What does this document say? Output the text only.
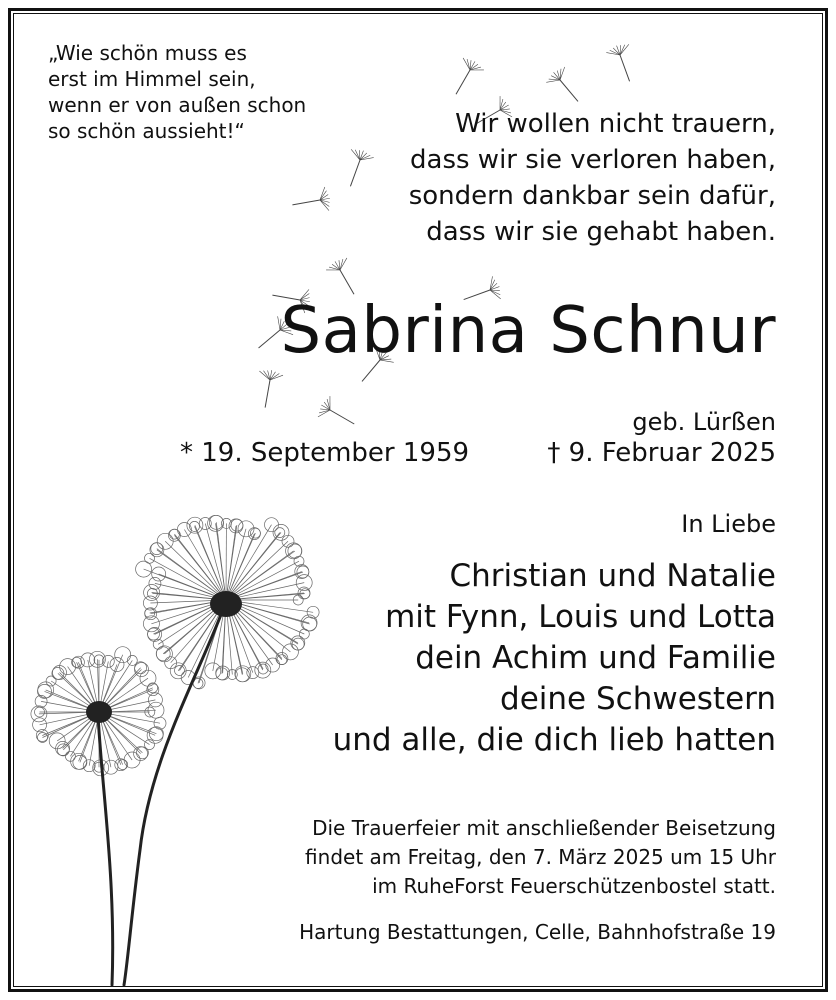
„Wie schön muss es
erst im Himmel sein,
wenn er von außen schon
so schön aussieht!“	Wir wollen nicht trauern,
dass wir sie verloren haben,
sondern dankbar sein dafür,
dass wir sie gehabt haben.
Sabrina Schnur
geb. Lürßen
* 19. September 1959	† 9. Februar 2025
In Liebe
Christian und Natalie
mit Fynn, Louis und Lotta
dein Achim und Familie
deine Schwestern
und alle, die dich lieb hatten
Die Trauerfeier mit anschließender Beisetzung
findet am Freitag, den 7. März 2025 um 15 Uhr
im RuheForst Feuerschützenbostel statt.
Hartung Bestattungen, Celle, Bahnhofstraße 19
